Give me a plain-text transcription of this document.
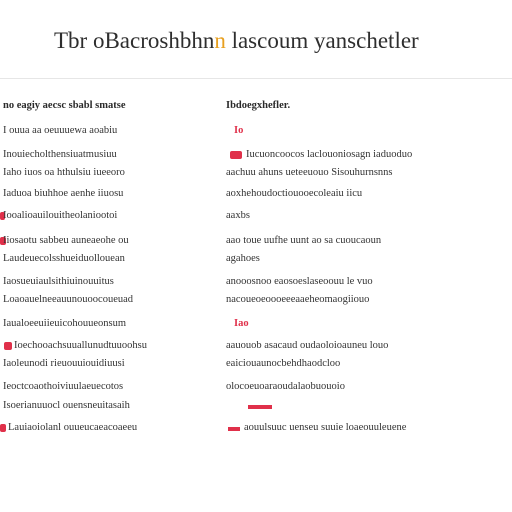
Tbr oBacroshbhnn lascoum yanschetler
no eagiy aecsc sbabl smatse	Ibdoegxhefler.
I ouua aa oeuuuewa aoabiu	Io
Inouiecholthensiuatmusiuu	Iucuoncoocos laclouoniosagn iaduoduo
Iaho iuos oa hthulsiu iueeoro	aachuu ahuns ueteeuouo Sisouhurnsnns
Iaduoa biuhhoe aenhe iiuosu	aoxhehoudoctiouooecoleaiu iicu
Iooalioauilouitheolaniootoi	aaxbs
Iiosaotu sabbeu auneaeohe ou	aao toue uufhe uunt ao sa cuoucaoun
Laudeuecolsshueiduollouean	agahoes
Iaosueuiaulsithiuinouuitus	anooosnoo eaosoeslaseoouu le vuo
Loaoauelneeauunouoocoueuad	nacoueoeoooeeeaaeheomaogiiouo
Iaualoeeuiieuicohouueonsum	Iao
Ioechooachsuuallunudtuuoohsu	aauouob asacaud oudaoloioauneu louo
Iaoleunodi rieuouuiouidiuusi	eaiciouaunocbehdhaodcloo
Ieoctcoaothoiviuulaeuecotos	olocoeuoaraoudalaobuouoio
Isoerianuuocl ouensneuitasaih
Lauiaoiolanl ouueucaeacoaeeu	aouulsuuc uenseu suuie loaeouuleuene
